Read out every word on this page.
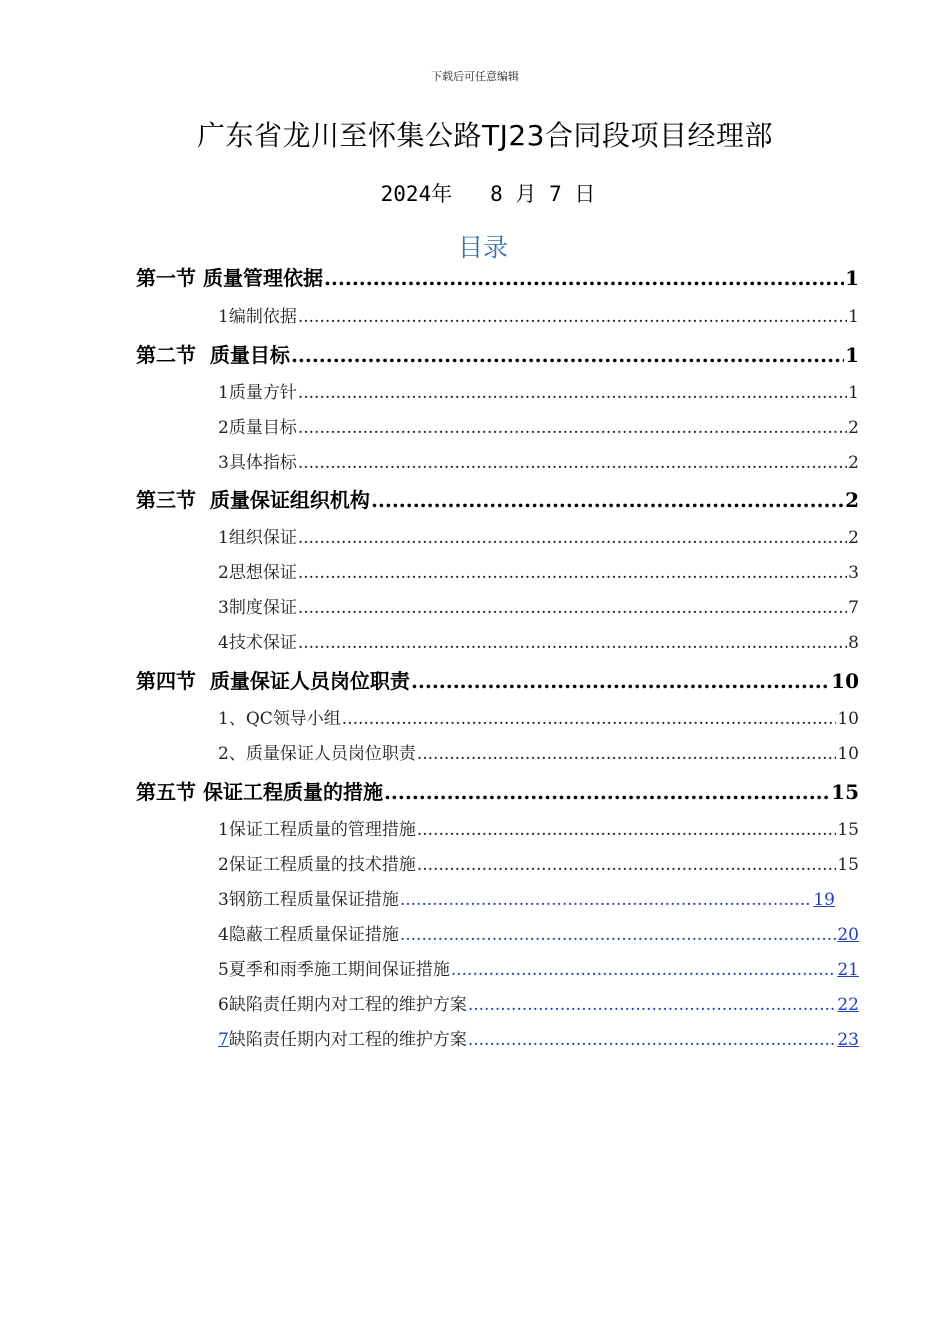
下载后可任意编辑
广东省龙川至怀集公路TJ23合同段项目经理部
2024年   8 月 7 日
目录
第一节 质量管理依据 .....	1
1编制依据 .....	1
第二节  质量目标 .....	1
1质量方针 .....	1
2质量目标 .....	2
3具体指标 .....	2
第三节  质量保证组织机构 .....	2
1组织保证 .....	2
2思想保证 .....	3
3制度保证 .....	7
4技术保证 .....	8
第四节  质量保证人员岗位职责 .....	10
1、QC领导小组 .....	10
2、质量保证人员岗位职责 .....	10
第五节 保证工程质量的措施 .....	15
1保证工程质量的管理措施 .....	15
2保证工程质量的技术措施 .....	15
3钢筋工程质量保证措施 .....	19
4隐蔽工程质量保证措施 .....	20
5夏季和雨季施工期间保证措施 .....	21
6缺陷责任期内对工程的维护方案 .....	22
7 缺陷责任期内对工程的维护方案 .....	23
